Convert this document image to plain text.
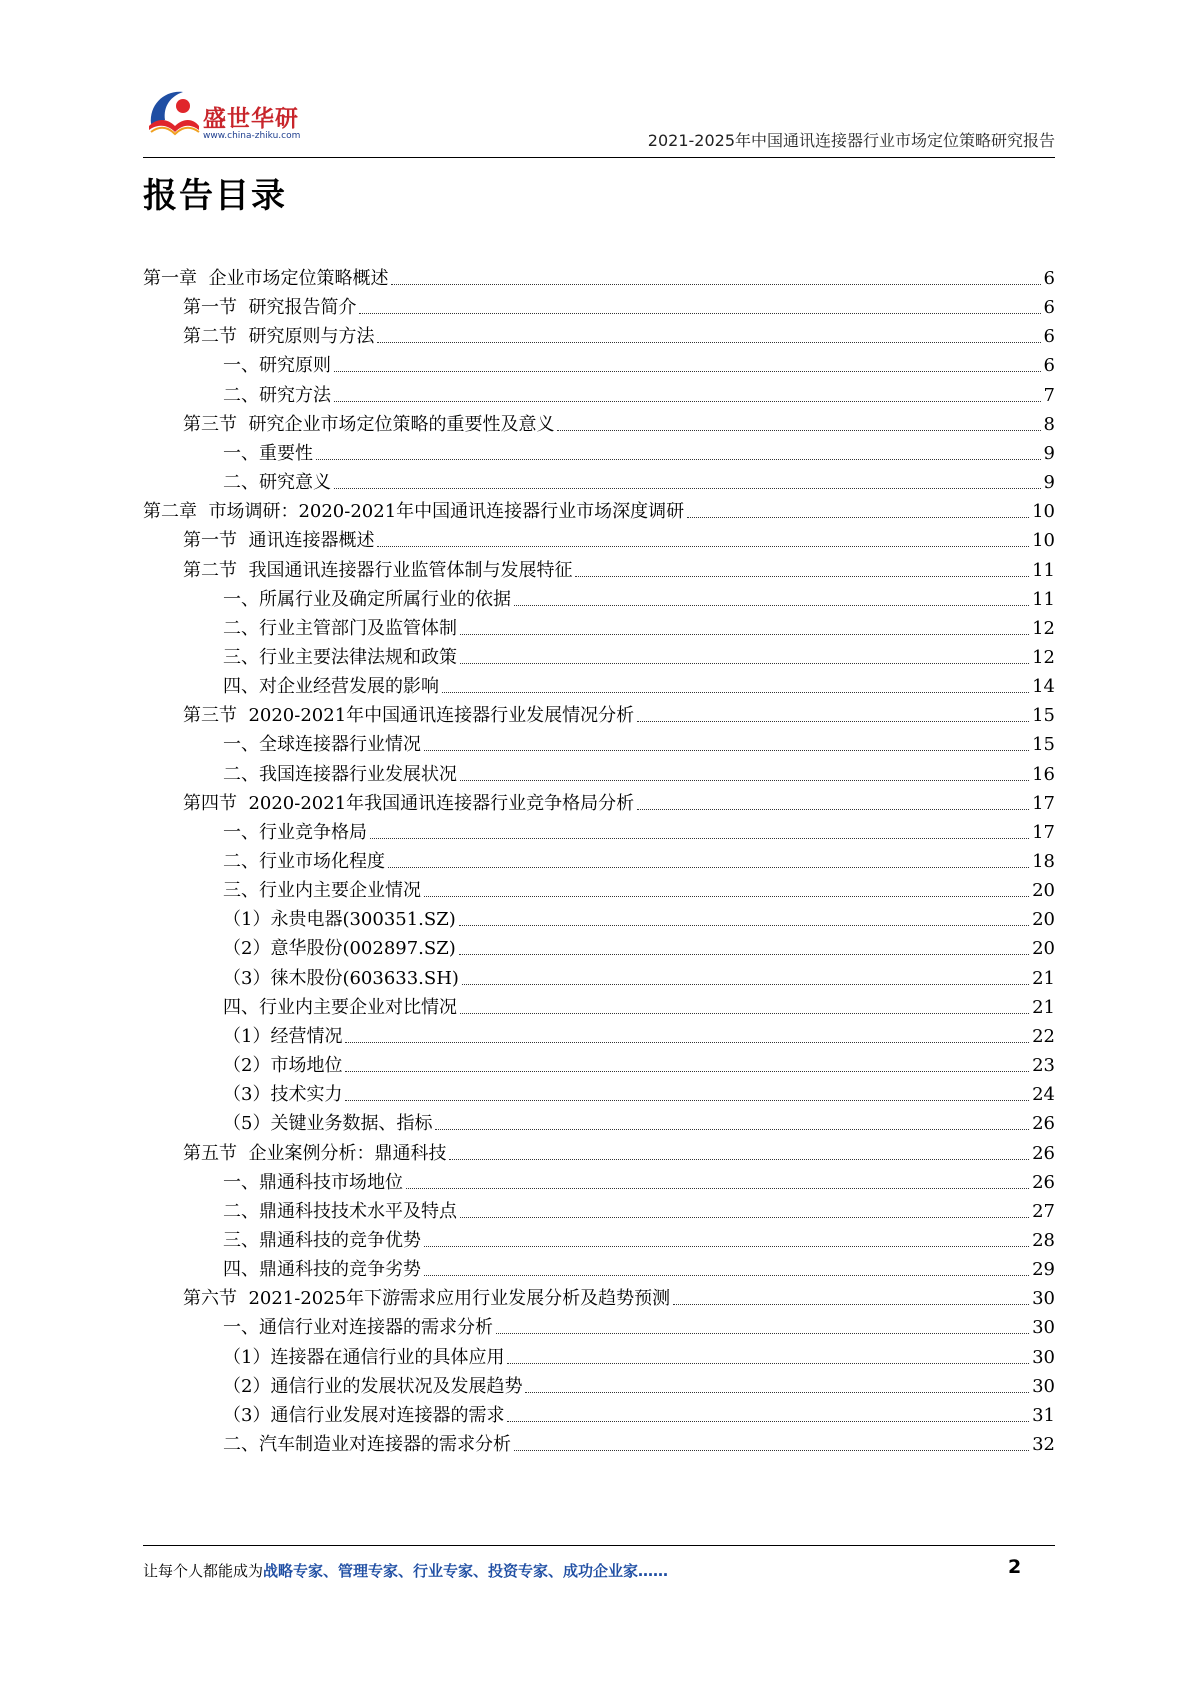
盛世华研
www.china-zhiku.com	2021-2025年中国通讯连接器行业市场定位策略研究报告
报告目录
第一章  企业市场定位策略概述	6
第一节  研究报告简介	6
第二节  研究原则与方法	6
一、研究原则	6
二、研究方法	7
第三节  研究企业市场定位策略的重要性及意义	8
一、重要性	9
二、研究意义	9
第二章  市场调研：2020-2021年中国通讯连接器行业市场深度调研	10
第一节  通讯连接器概述	10
第二节  我国通讯连接器行业监管体制与发展特征	11
一、所属行业及确定所属行业的依据	11
二、行业主管部门及监管体制	12
三、行业主要法律法规和政策	12
四、对企业经营发展的影响	14
第三节  2020-2021年中国通讯连接器行业发展情况分析	15
一、全球连接器行业情况	15
二、我国连接器行业发展状况	16
第四节  2020-2021年我国通讯连接器行业竞争格局分析	17
一、行业竞争格局	17
二、行业市场化程度	18
三、行业内主要企业情况	20
（1）永贵电器(300351.SZ)	20
（2）意华股份(002897.SZ)	20
（3）徕木股份(603633.SH)	21
四、行业内主要企业对比情况	21
（1）经营情况	22
（2）市场地位	23
（3）技术实力	24
（5）关键业务数据、指标	26
第五节  企业案例分析：鼎通科技	26
一、鼎通科技市场地位	26
二、鼎通科技技术水平及特点	27
三、鼎通科技的竞争优势	28
四、鼎通科技的竞争劣势	29
第六节  2021-2025年下游需求应用行业发展分析及趋势预测	30
一、通信行业对连接器的需求分析	30
（1）连接器在通信行业的具体应用	30
（2）通信行业的发展状况及发展趋势	30
（3）通信行业发展对连接器的需求	31
二、汽车制造业对连接器的需求分析	32
让每个人都能成为战略专家、管理专家、行业专家、投资专家、成功企业家……	2
